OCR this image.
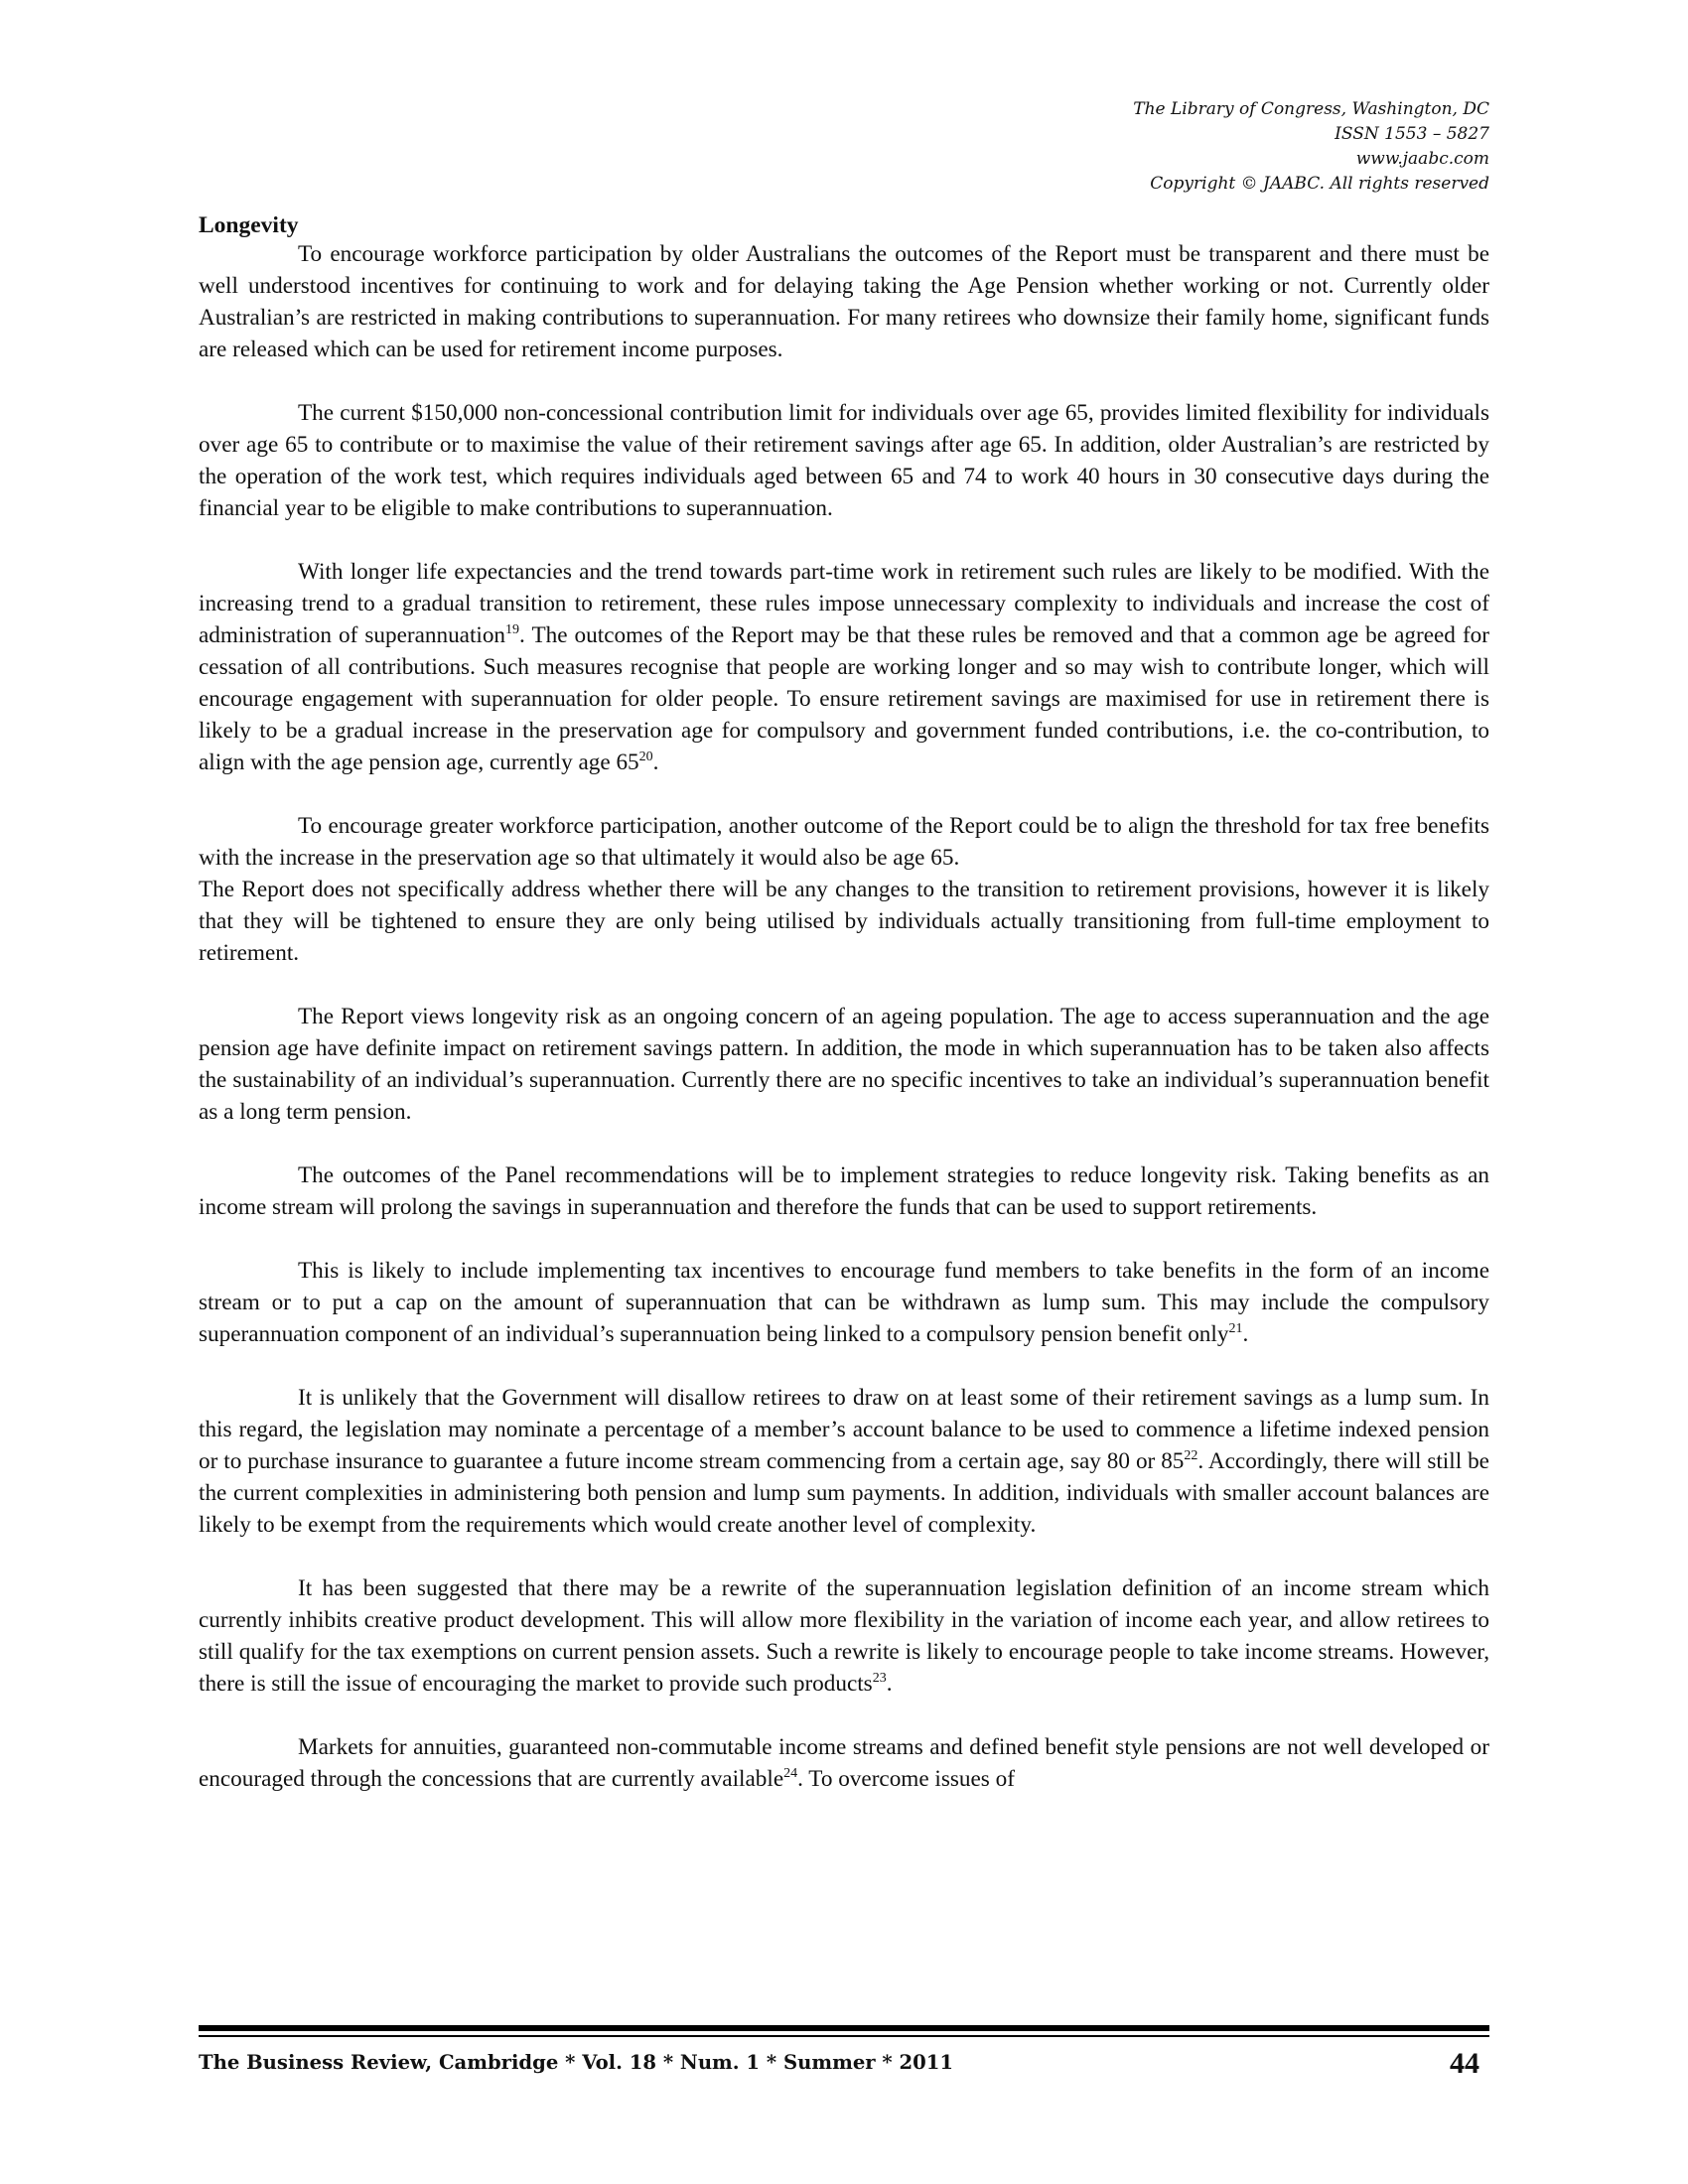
The Library of Congress, Washington, DC
ISSN 1553 – 5827
www.jaabc.com
Copyright © JAABC. All rights reserved
Longevity

To encourage workforce participation by older Australians the outcomes of the Report must be transparent and there must be well understood incentives for continuing to work and for delaying taking the Age Pension whether working or not. Currently older Australian’s are restricted in making contributions to superannuation. For many retirees who downsize their family home, significant funds are released which can be used for retirement income purposes.

The current $150,000 non-concessional contribution limit for individuals over age 65, provides limited flexibility for individuals over age 65 to contribute or to maximise the value of their retirement savings after age 65. In addition, older Australian’s are restricted by the operation of the work test, which requires individuals aged between 65 and 74 to work 40 hours in 30 consecutive days during the financial year to be eligible to make contributions to superannuation.

With longer life expectancies and the trend towards part-time work in retirement such rules are likely to be modified. With the increasing trend to a gradual transition to retirement, these rules impose unnecessary complexity to individuals and increase the cost of administration of superannuation$^{19}$. The outcomes of the Report may be that these rules be removed and that a common age be agreed for cessation of all contributions. Such measures recognise that people are working longer and so may wish to contribute longer, which will encourage engagement with superannuation for older people. To ensure retirement savings are maximised for use in retirement there is likely to be a gradual increase in the preservation age for compulsory and government funded contributions, i.e. the co-contribution, to align with the age pension age, currently age $65^{20}$.

To encourage greater workforce participation, another outcome of the Report could be to align the threshold for tax free benefits with the increase in the preservation age so that ultimately it would also be age 65.

The Report does not specifically address whether there will be any changes to the transition to retirement provisions, however it is likely that they will be tightened to ensure they are only being utilised by individuals actually transitioning from full-time employment to retirement.

The Report views longevity risk as an ongoing concern of an ageing population. The age to access superannuation and the age pension age have definite impact on retirement savings pattern. In addition, the mode in which superannuation has to be taken also affects the sustainability of an individual’s superannuation. Currently there are no specific incentives to take an individual’s superannuation benefit as a long term pension.

The outcomes of the Panel recommendations will be to implement strategies to reduce longevity risk. Taking benefits as an income stream will prolong the savings in superannuation and therefore the funds that can be used to support retirements.

This is likely to include implementing tax incentives to encourage fund members to take benefits in the form of an income stream or to put a cap on the amount of superannuation that can be withdrawn as lump sum. This may include the compulsory superannuation component of an individual’s superannuation being linked to a compulsory pension benefit only$^{21}$.

It is unlikely that the Government will disallow retirees to draw on at least some of their retirement savings as a lump sum. In this regard, the legislation may nominate a percentage of a member’s account balance to be used to commence a lifetime indexed pension or to purchase insurance to guarantee a future income stream commencing from a certain age, say 80 or $85^{22}$. Accordingly, there will still be the current complexities in administering both pension and lump sum payments. In addition, individuals with smaller account balances are likely to be exempt from the requirements which would create another level of complexity.

It has been suggested that there may be a rewrite of the superannuation legislation definition of an income stream which currently inhibits creative product development. This will allow more flexibility in the variation of income each year, and allow retirees to still qualify for the tax exemptions on current pension assets. Such a rewrite is likely to encourage people to take income streams. However, there is still the issue of encouraging the market to provide such products$^{23}$.

Markets for annuities, guaranteed non-commutable income streams and defined benefit style pensions are not well developed or encouraged through the concessions that are currently available$^{24}$. To overcome issues of

The Business Review, Cambridge * Vol. 18 * Num. 1 * Summer * 2011	44
